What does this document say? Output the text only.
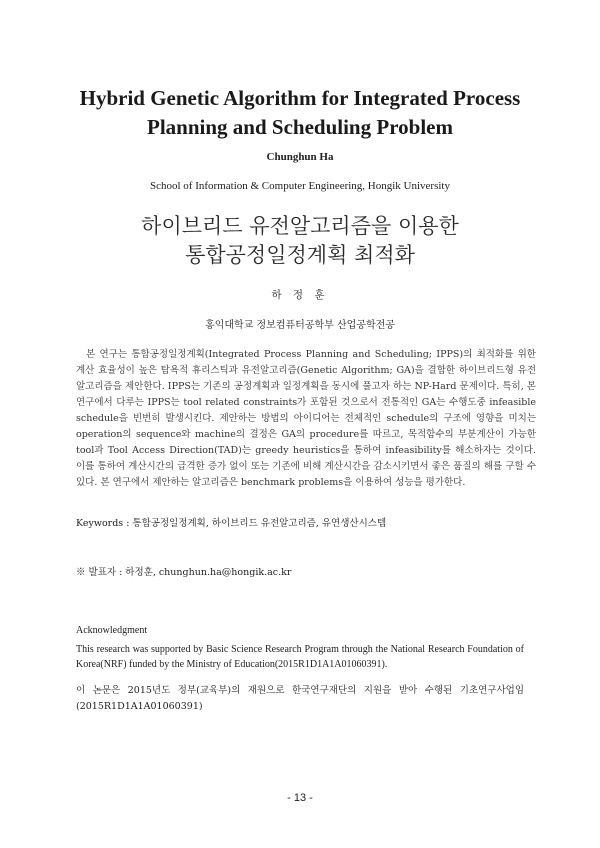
Hybrid Genetic Algorithm for Integrated Process
Planning and Scheduling Problem
Chunghun Ha
School of Information & Computer Engineering, Hongik University
하이브리드 유전알고리즘을 이용한
통합공정일정계획 최적화
하 정 훈
홍익대학교 정보컴퓨터공학부 산업공학전공
본 연구는 통합공정일정계획(Integrated Process Planning and Scheduling; IPPS)의 최적화를 위한 계산 효율성이 높은 탐욕적 휴리스틱과 유전알고리즘(Genetic Algorithm; GA)을 결합한 하이브리드형 유전 알고리즘을 제안한다. IPPS는 기존의 공정계획과 일정계획을 동시에 풀고자 하는 NP-Hard 문제이다. 특히, 본 연구에서 다루는 IPPS는 tool related constraints가 포함된 것으로서 전통적인 GA는 수행도중 infeasible schedule을 빈번히 발생시킨다. 제안하는 방법의 아이디어는 전체적인 schedule의 구조에 영향을 미치는 operation의 sequence와 machine의 결정은 GA의 procedure를 따르고, 목적함수의 부분계산이 가능한 tool과 Tool Access Direction(TAD)는 greedy heuristics을 통하여 infeasibility를 해소하자는 것이다. 이를 통하여 계산시간의 급격한 증가 없이 또는 기존에 비해 계산시간을 감소시키면서 좋은 품질의 해를 구할 수 있다. 본 연구에서 제안하는 알고리즘은 benchmark problems을 이용하여 성능을 평가한다.
Keywords : 통합공정일정계획, 하이브리드 유전알고리즘, 유연생산시스템
※ 발표자 : 하정훈, chunghun.ha@hongik.ac.kr
Acknowledgment
This research was supported by Basic Science Research Program through the National Research Foundation of Korea(NRF) funded by the Ministry of Education(2015R1D1A1A01060391).
이 논문은 2015년도 정부(교육부)의 재원으로 한국연구재단의 지원을 받아 수행된 기초연구사업임 (2015R1D1A1A01060391)
- 13 -
